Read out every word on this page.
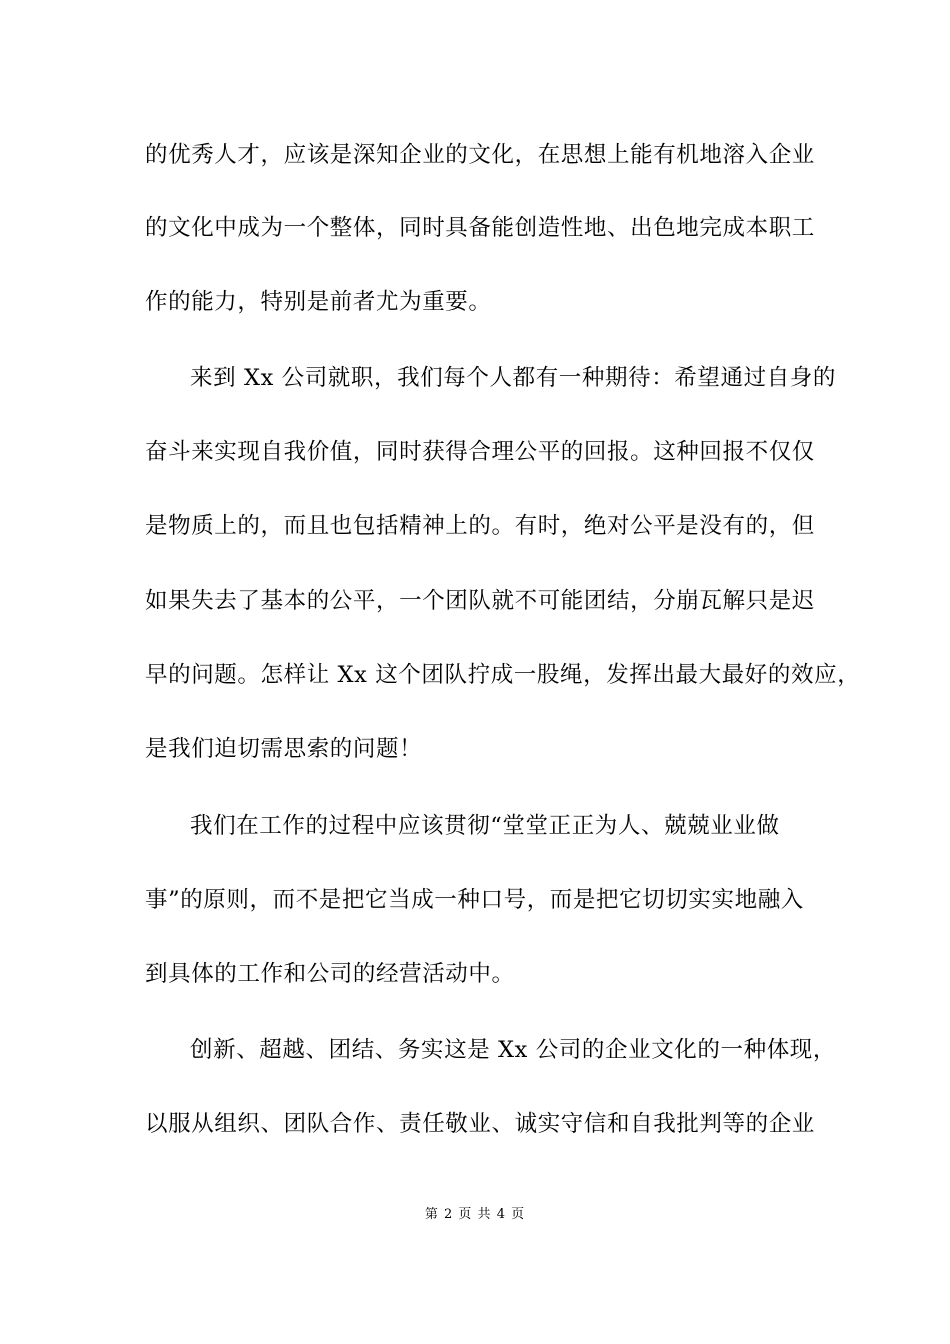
的优秀人才，应该是深知企业的文化，在思想上能有机地溶入企业
的文化中成为一个整体，同时具备能创造性地、出色地完成本职工
作的能力，特别是前者尤为重要。
来到 Xx 公司就职，我们每个人都有一种期待：希望通过自身的
奋斗来实现自我价值，同时获得合理公平的回报。这种回报不仅仅
是物质上的，而且也包括精神上的。有时，绝对公平是没有的，但
如果失去了基本的公平，一个团队就不可能团结，分崩瓦解只是迟
早的问题。怎样让 Xx 这个团队拧成一股绳，发挥出最大最好的效应，
是我们迫切需思索的问题！
我们在工作的过程中应该贯彻“堂堂正正为人、兢兢业业做
事”的原则，而不是把它当成一种口号，而是把它切切实实地融入
到具体的工作和公司的经营活动中。
创新、超越、团结、务实这是 Xx 公司的企业文化的一种体现，
以服从组织、团队合作、责任敬业、诚实守信和自我批判等的企业
第 2 页 共 4 页
